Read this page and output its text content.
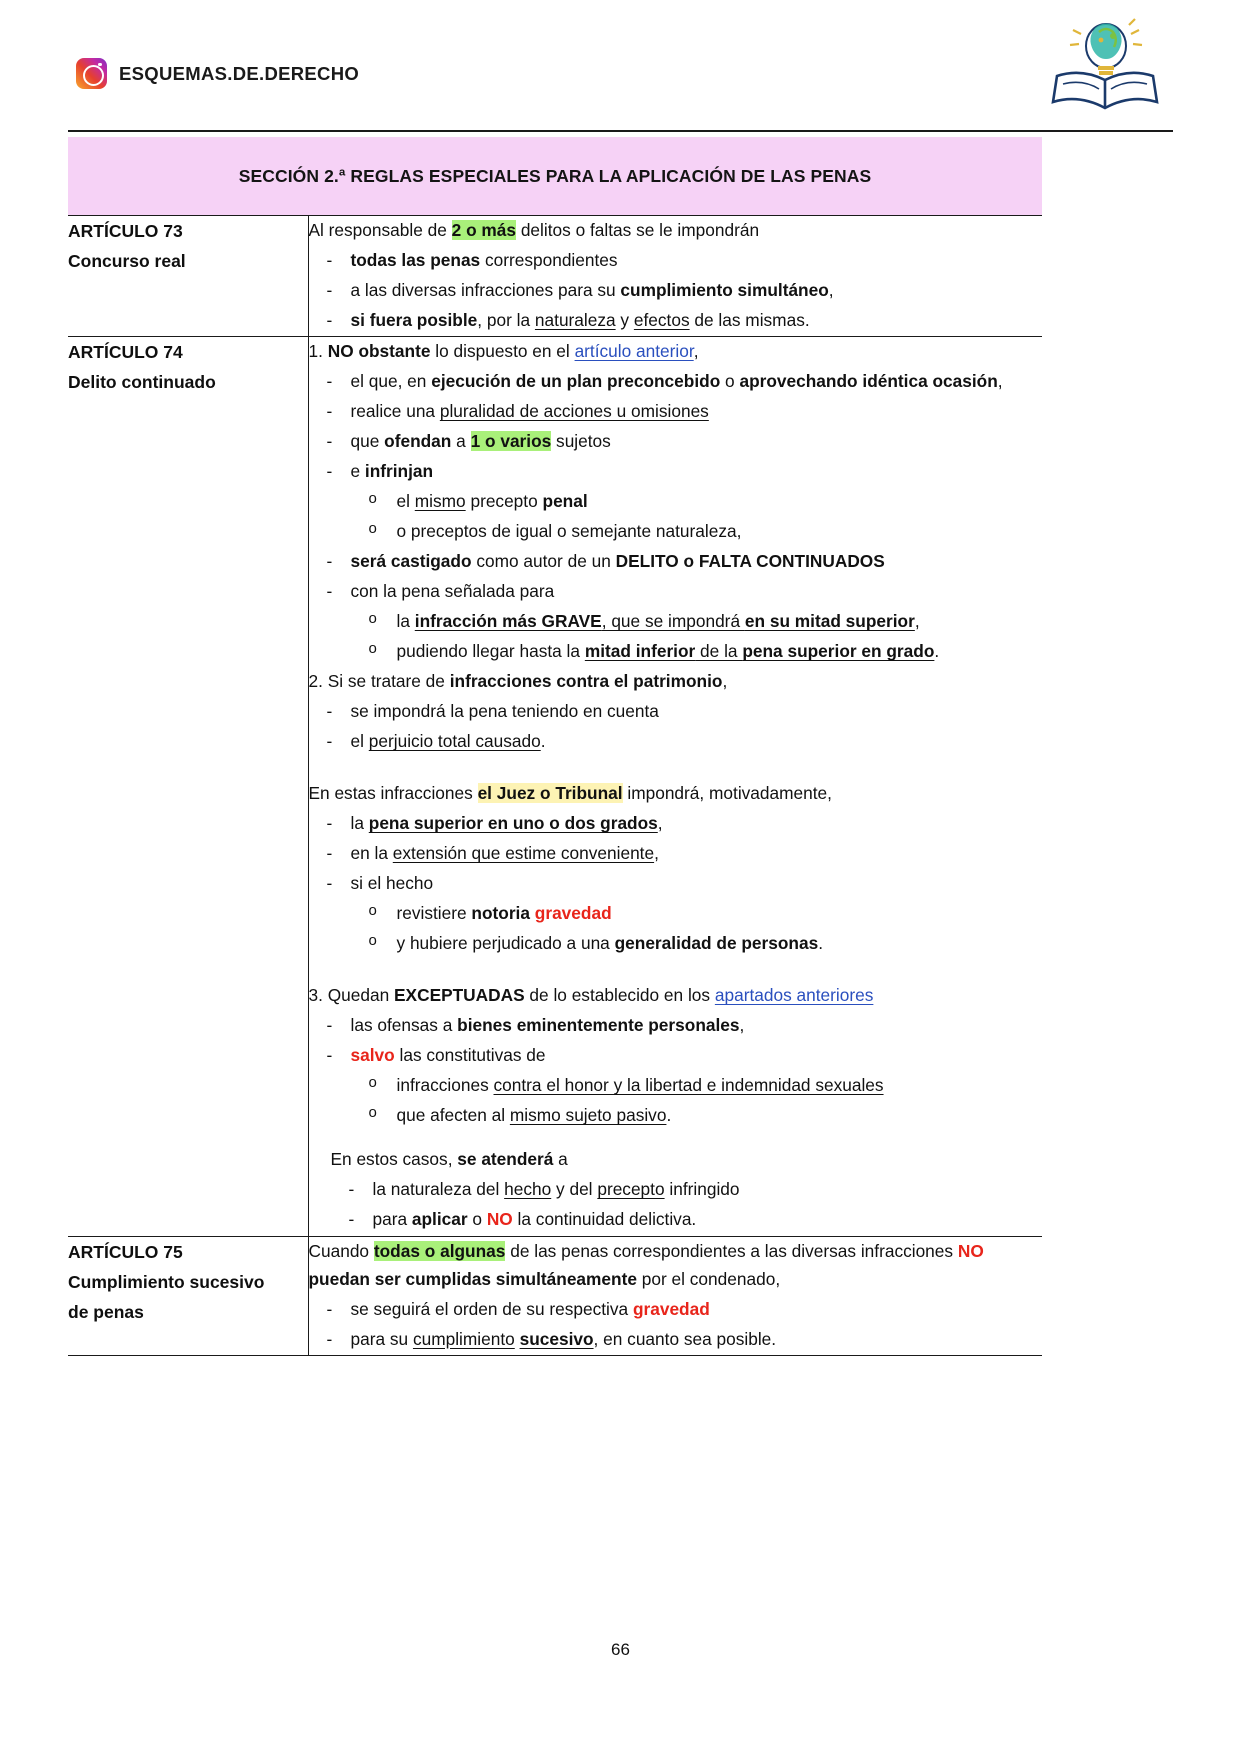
ESQUEMAS.DE.DERECHO
SECCIÓN 2.ª REGLAS ESPECIALES PARA LA APLICACIÓN DE LAS PENAS
ARTÍCULO 73
Concurso real

Al responsable de 2 o más delitos o faltas se le impondrán

- todas las penas correspondientes
- a las diversas infracciones para su cumplimiento simultáneo,
- si fuera posible, por la naturaleza y efectos de las mismas.

ARTÍCULO 74
Delito continuado

1. NO obstante lo dispuesto en el artículo anterior,

- el que, en ejecución de un plan preconcebido o aprovechando idéntica ocasión,
- realice una pluralidad de acciones u omisiones
- que ofendan a 1 o varios sujetos
- e infrinjan
o el mismo precepto penal
o o preceptos de igual o semejante naturaleza,
- será castigado como autor de un DELITO o FALTA CONTINUADOS
- con la pena señalada para
o la infracción más GRAVE, que se impondrá en su mitad superior,
o pudiendo llegar hasta la mitad inferior de la pena superior en grado.

2. Si se tratare de infracciones contra el patrimonio,

- se impondrá la pena teniendo en cuenta
- el perjuicio total causado.

En estas infracciones el Juez o Tribunal impondrá, motivadamente,

- la pena superior en uno o dos grados,
- en la extensión que estime conveniente,
- si el hecho
o revistiere notoria gravedad
o y hubiere perjudicado a una generalidad de personas.

3. Quedan EXCEPTUADAS de lo establecido en los apartados anteriores

- las ofensas a bienes eminentemente personales,
- salvo las constitutivas de
o infracciones contra el honor y la libertad e indemnidad sexuales
o que afecten al mismo sujeto pasivo.

En estos casos, se atenderá a

- la naturaleza del hecho y del precepto infringido
- para aplicar o NO la continuidad delictiva.

ARTÍCULO 75
Cumplimiento sucesivo
de penas

Cuando todas o algunas de las penas correspondientes a las diversas infracciones NO puedan ser cumplidas simultáneamente por el condenado,

- se seguirá el orden de su respectiva gravedad
- para su cumplimiento sucesivo, en cuanto sea posible.
66
